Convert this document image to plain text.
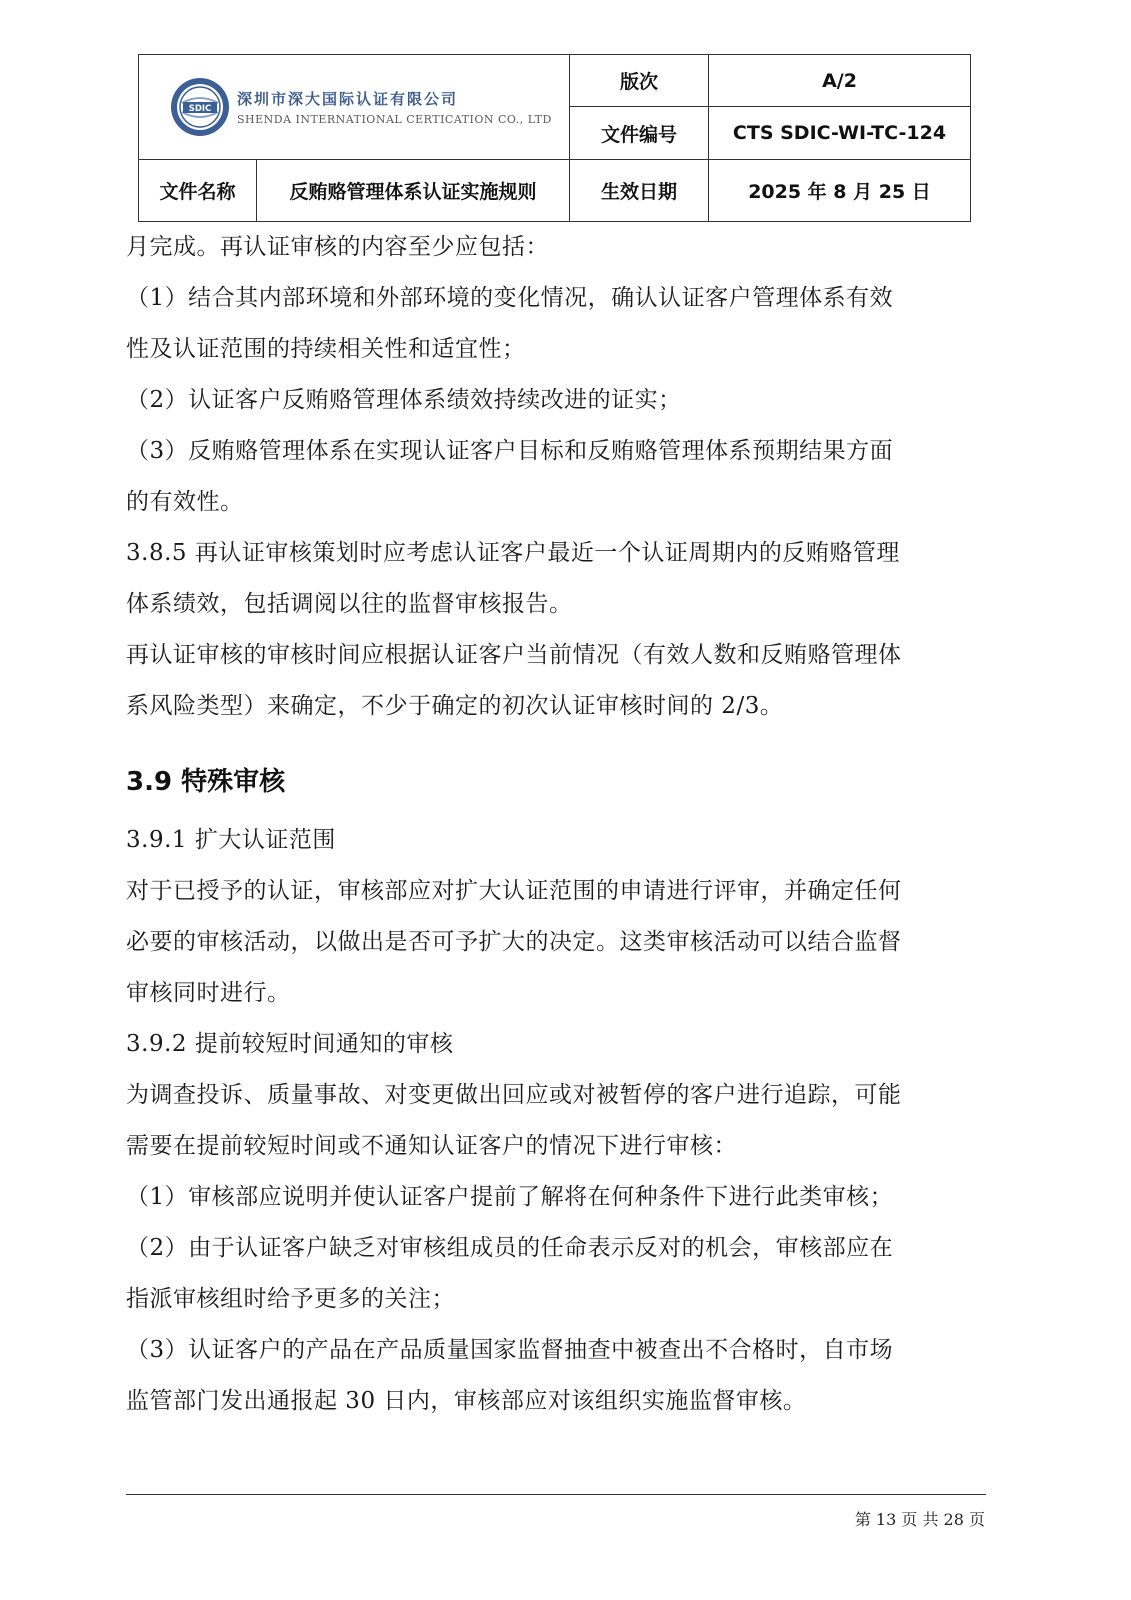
SDIC
深圳市深大国际认证有限公司
SHENDA INTERNATIONAL CERTICATION CO., LTD		版次	A/2
		文件编号	CTS SDIC-WI-TC-124
文件名称	反贿赂管理体系认证实施规则	生效日期	2025 年 8 月 25 日

月完成。再认证审核的内容至少应包括：

（1）结合其内部环境和外部环境的变化情况，确认认证客户管理体系有效

性及认证范围的持续相关性和适宜性；

（2）认证客户反贿赂管理体系绩效持续改进的证实；

（3）反贿赂管理体系在实现认证客户目标和反贿赂管理体系预期结果方面

的有效性。

3.8.5 再认证审核策划时应考虑认证客户最近一个认证周期内的反贿赂管理

体系绩效，包括调阅以往的监督审核报告。

再认证审核的审核时间应根据认证客户当前情况（有效人数和反贿赂管理体

系风险类型）来确定，不少于确定的初次认证审核时间的 2/3。

3.9 特殊审核

3.9.1 扩大认证范围

对于已授予的认证，审核部应对扩大认证范围的申请进行评审，并确定任何

必要的审核活动，以做出是否可予扩大的决定。这类审核活动可以结合监督

审核同时进行。

3.9.2 提前较短时间通知的审核

为调查投诉、质量事故、对变更做出回应或对被暂停的客户进行追踪，可能

需要在提前较短时间或不通知认证客户的情况下进行审核：

（1）审核部应说明并使认证客户提前了解将在何种条件下进行此类审核；

（2）由于认证客户缺乏对审核组成员的任命表示反对的机会，审核部应在

指派审核组时给予更多的关注；

（3）认证客户的产品在产品质量国家监督抽查中被查出不合格时，自市场

监管部门发出通报起 30 日内，审核部应对该组织实施监督审核。

第 13 页 共 28 页
